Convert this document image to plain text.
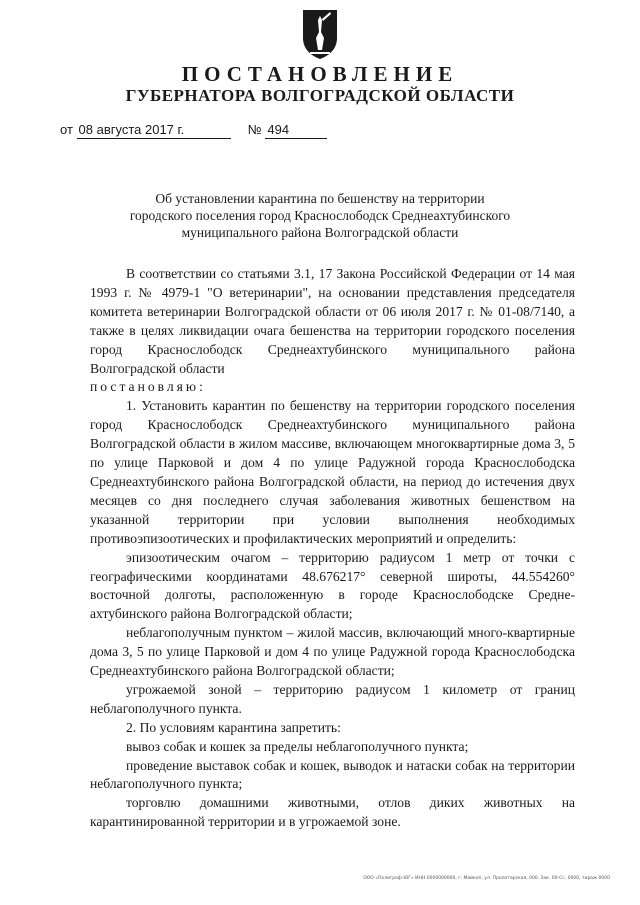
ПОСТАНОВЛЕНИЕ
ГУБЕРНАТОРА ВОЛГОГРАДСКОЙ ОБЛАСТИ
от 08 августа 2017 г.	№ 494
Об установлении карантина по бешенству на территории
городского поселения город Краснослободск Среднеахтубинского
муниципального района Волгоградской области

В соответствии со статьями 3.1, 17 Закона Российской Федерации от 14 мая 1993 г. № 4979-1 "О ветеринарии", на основании представления председателя комитета ветеринарии Волгоградской области от 06 июля 2017 г. № 01-08/7140, а также в целях ликвидации очага бешенства на территории городского поселения город Краснослободск Среднеахтубинского муниципального района Волгоградской области

постановляю:

1. Установить карантин по бешенству на территории городского поселения город Краснослободск Среднеахтубинского муниципального района Волгоградской области в жилом массиве, включающем многоквартирные дома 3, 5 по улице Парковой и дом 4 по улице Радужной города Краснослободска Среднеахтубинского района Волгоградской области, на период до истечения двух месяцев со дня последнего случая заболевания животных бешенством на указанной территории при условии выполнения необходимых противоэпизоотических и профилактических мероприятий и определить:

эпизоотическим очагом – территорию радиусом 1 метр от точки с географическими координатами 48.676217° северной широты, 44.554260° восточной долготы, расположенную в городе Краснослободске Средне-ахтубинского района Волгоградской области;

неблагополучным пунктом – жилой массив, включающий много-квартирные дома 3, 5 по улице Парковой и дом 4 по улице Радужной города Краснослободска Среднеахтубинского района Волгоградской области;

угрожаемой зоной – территорию радиусом 1 километр от границ неблагополучного пункта.

2. По условиям карантина запретить:

вывоз собак и кошек за пределы неблагополучного пункта;

проведение выставок собак и кошек, выводок и натаски собак на территории неблагополучного пункта;

торговлю домашними животными, отлов диких животных на карантинированной территории и в угрожаемой зоне.

ООО «Полиграф-ЮГ» ИНН 0000000000, г. Майкоп, ул. Пролетарская, 000. Зак. 00-Сс. 0000, тираж 0000
